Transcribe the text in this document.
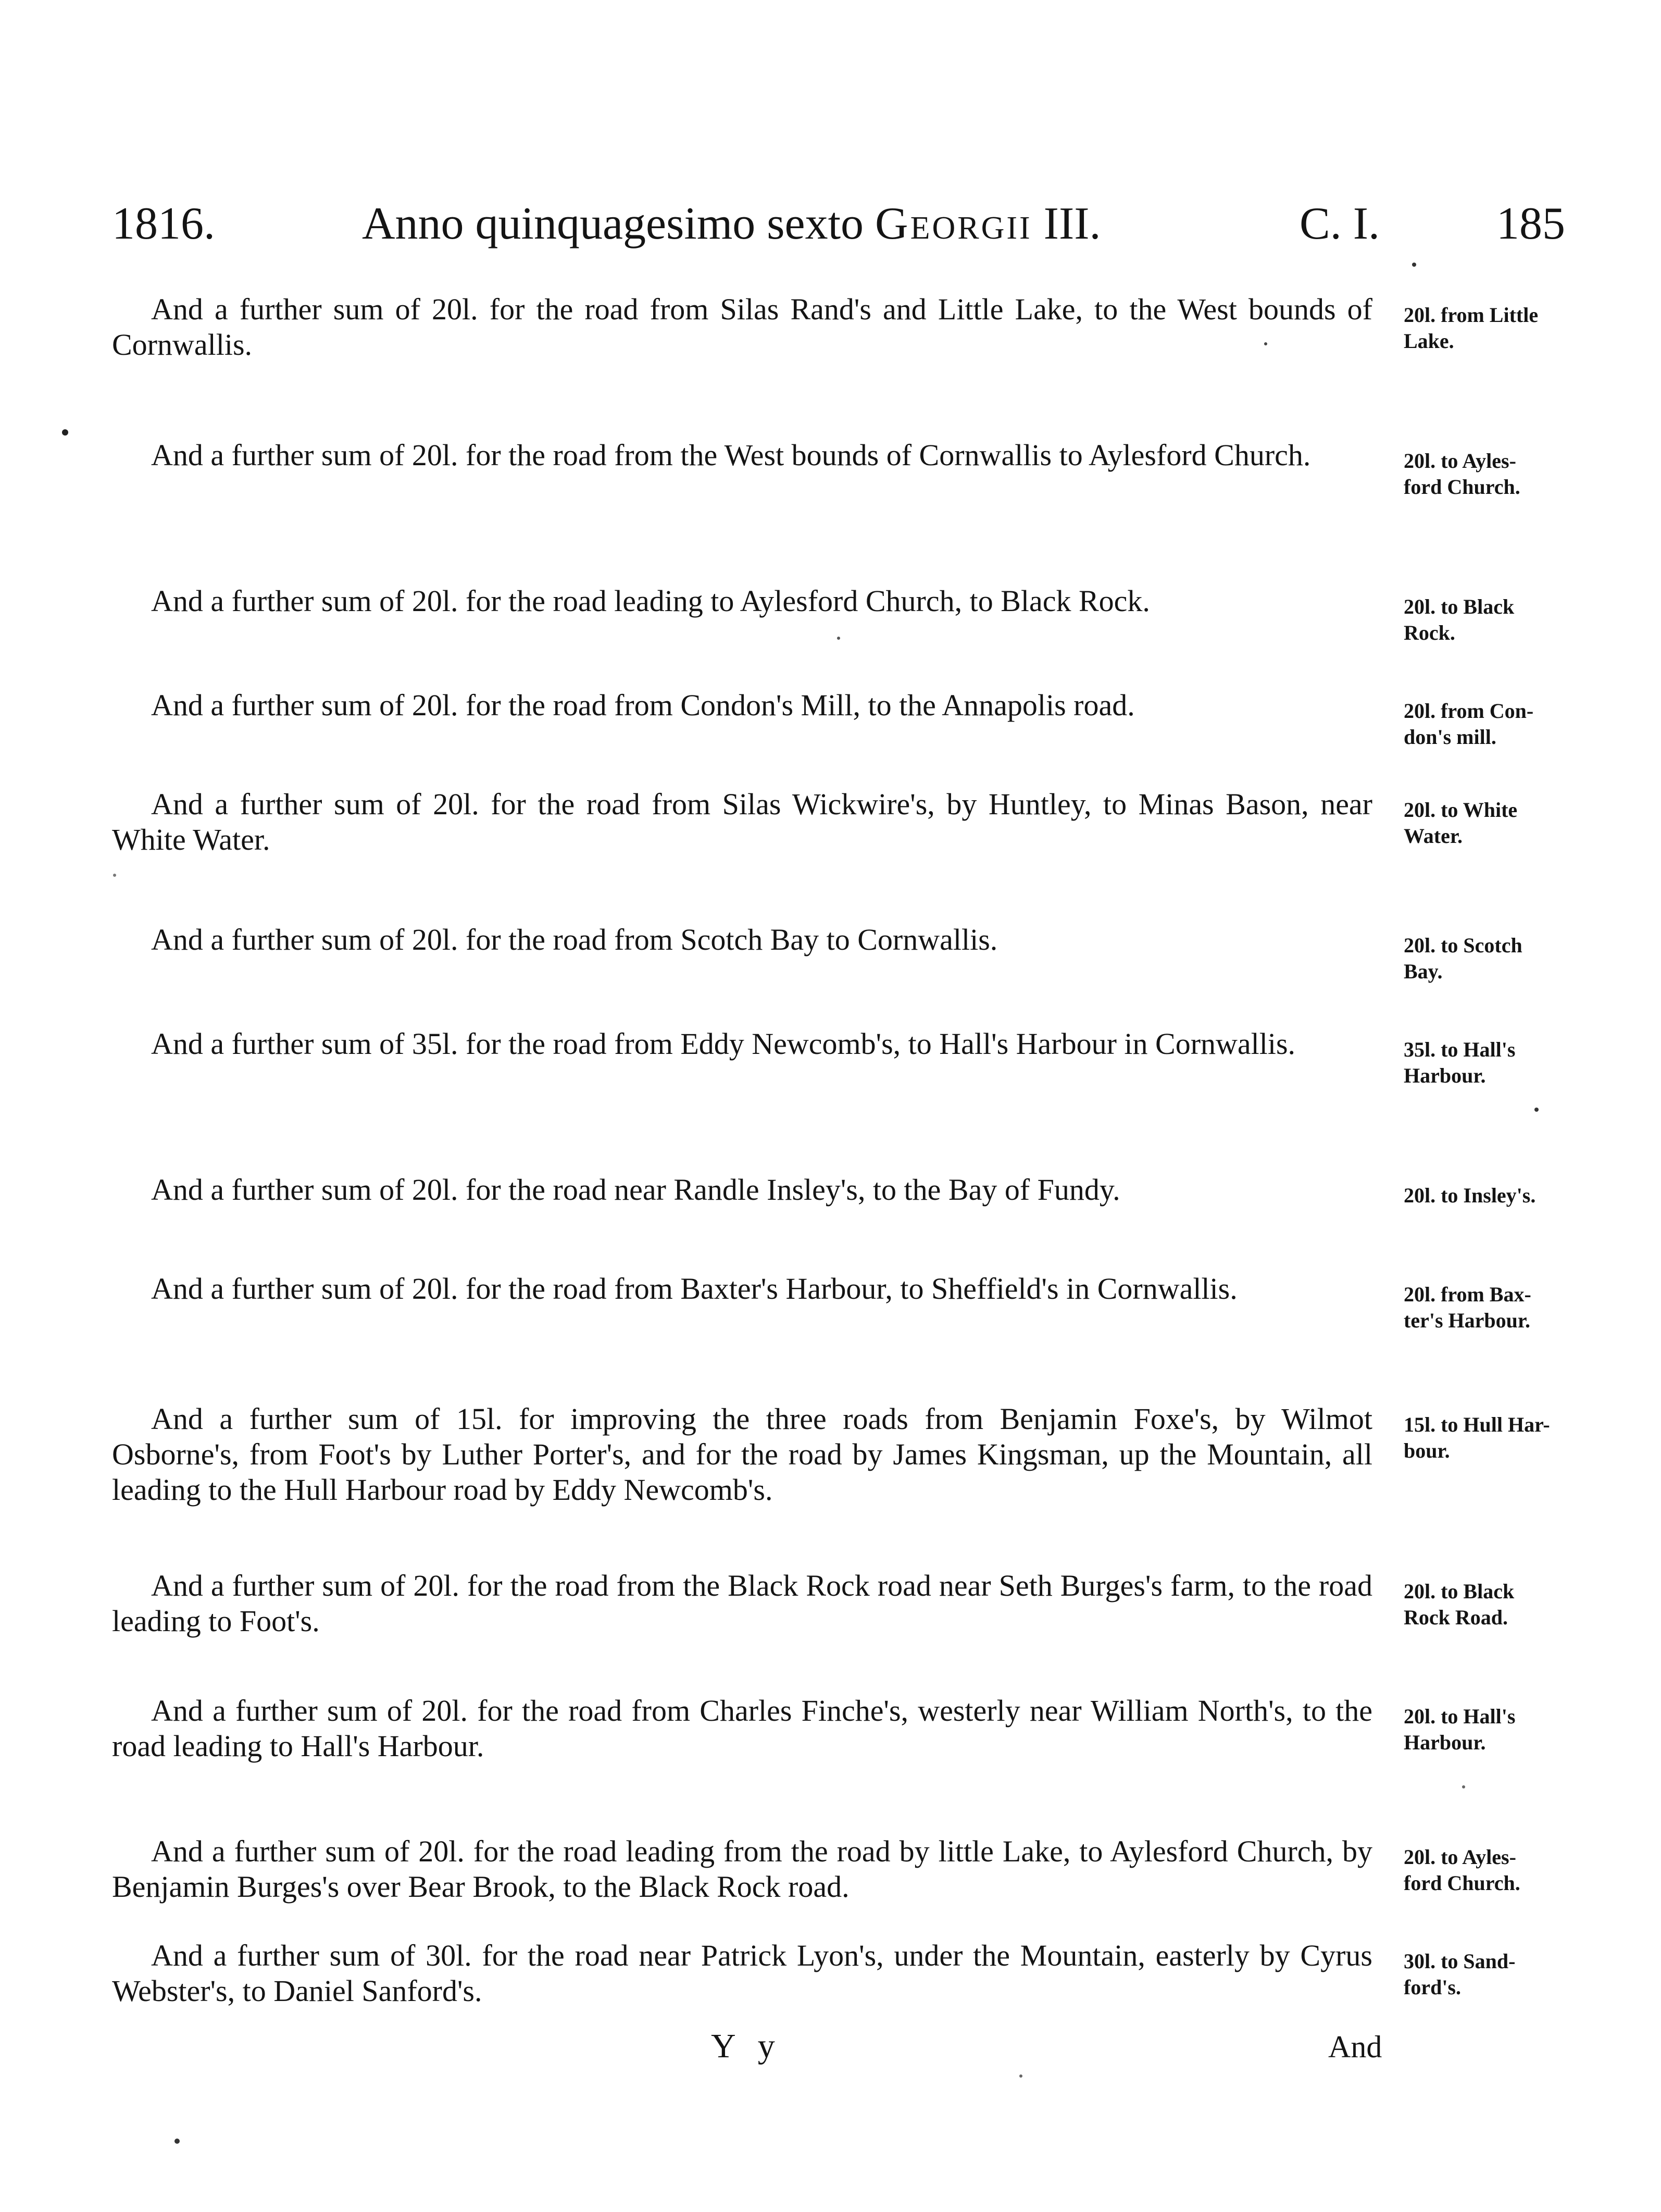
1816.	Anno quinquagesimo sexto Georgii III.	C. I.	185
And a further sum of 20l. for the road from Silas Rand's and Little Lake, to the West bounds of Cornwallis.
20l. from Little
Lake.
And a further sum of 20l. for the road from the West bounds of Cornwallis to Aylesford Church.	20l. to Ayles-
ford Church.
And a further sum of 20l. for the road leading to Aylesford Church, to Black Rock.	20l. to Black
Rock.
And a further sum of 20l. for the road from Condon's Mill, to the Annapolis road.	20l. from Con-
don's mill.
And a further sum of 20l. for the road from Silas Wickwire's, by Huntley, to Minas Bason, near White Water.
20l. to White
Water.
And a further sum of 20l. for the road from Scotch Bay to Cornwallis.	20l. to Scotch
Bay.
And a further sum of 35l. for the road from Eddy Newcomb's, to Hall's Harbour in Cornwallis.	35l. to Hall's
Harbour.
And a further sum of 20l. for the road near Randle Insley's, to the Bay of Fundy.	20l. to Insley's.
And a further sum of 20l. for the road from Baxter's Harbour, to Sheffield's in Cornwallis.	20l. from Bax-
ter's Harbour.
And a further sum of 15l. for improving the three roads from Benjamin Foxe's, by Wilmot Osborne's, from Foot's by Luther Porter's, and for the road by James Kingsman, up the Mountain, all leading to the Hull Harbour road by Eddy Newcomb's.
15l. to Hull Har-
bour.
And a further sum of 20l. for the road from the Black Rock road near Seth Burges's farm, to the road leading to Foot's.
20l. to Black
Rock Road.
And a further sum of 20l. for the road from Charles Finche's, westerly near William North's, to the road leading to Hall's Harbour.
20l. to Hall's
Harbour.
And a further sum of 20l. for the road leading from the road by little Lake, to Aylesford Church, by Benjamin Burges's over Bear Brook, to the Black Rock road.
20l. to Ayles-
ford Church.
And a further sum of 30l. for the road near Patrick Lyon's, under the Mountain, easterly by Cyrus Webster's, to Daniel Sanford's.
30l. to Sand-
ford's.
Y y	And
